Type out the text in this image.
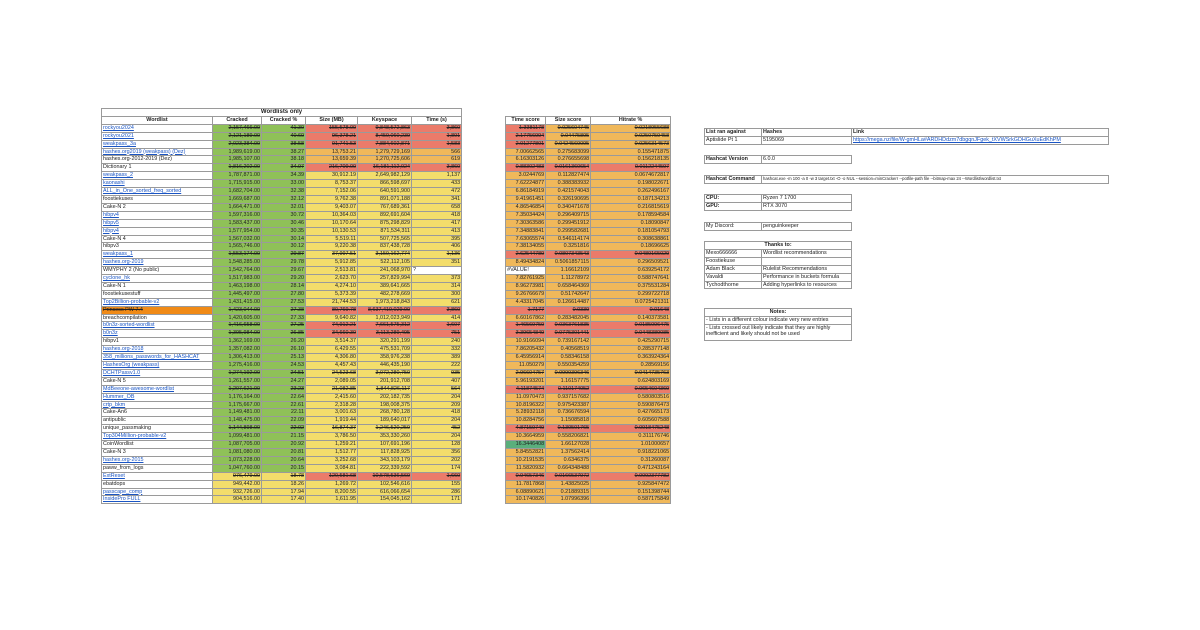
Wordlists only									
Wordlist	Cracked	Cracked %	Size (MB)	Keyspace	Time (s)		Time score	Size score	Hitrate %
rockyou2024	2,157,466.00	41.30	155,578.00	9,848,572,863	3,860		1.3381178	0.025604745	0.0218955688
rockyou2021	2,121,189.00	40.60	96,378.21	8,459,060,239	1,891		2.17756994	0.04475895	0.0250759458
weakpass_3a	2,023,384.00	38.58	91,741.53	7,884,602,871	1,583		2.01277801	0.0424569095	0.0256314573
hashes.org2019 (weakpass) (Dez)	1,989,619.00	38.27	13,753.21	1,279,729,169	566		7.00662565	0.275683099	0.155471875
hashes.org-2012-2019 (Dez)	1,985,107.00	38.18	13,659.39	1,270,725,606	619		6.16303126	0.276655698	0.156218135
Dictionary 1	1,816,202.00	34.97	216,709.00	16,181,112,024	3,860		0.88302483	0.0161360654	0.0112244597
weakpass_2	1,787,871.00	34.39	30,912.19	2,649,982,129	1,137		3.0244769	0.112827474	0.0674672817
kaonashi	1,715,915.00	33.00	8,753.37	866,598,697	433		7.62224877	0.388383932	0.198022671
ALL_in_One_sorted_freq_sorted	1,682,704.00	32.38	7,152.06	640,591,900	472		6.86184919	0.421574043	0.262496167
foostiekuses	1,669,687.00	32.12	9,762.38	891,071,188	341		9.41961451	0.326190695	0.187134213
Cake-N 2	1,664,471.00	32.01	9,403.07	767,689,361	658		4.86546854	0.340471678	0.216815619
hibpv4	1,597,316.00	30.72	10,364.03	892,691,604	418		7.35034424	0.296409715	0.178594584
hibpv5	1,583,437.00	30.46	10,170.64	875,298,829	417		7.30363586	0.299451912	0.18090847
hibpv4	1,577,954.00	30.35	10,130.53	871,534,311	413		7.34883841	0.299582681	0.181054793
Cake-N 4	1,567,032.00	30.14	5,519.11	507,725,565	395		7.63065574	0.546114174	0.308638861
hibpv3	1,565,746.00	30.12	9,220.38	837,438,728	406		7.38134055	0.3251816	0.18696625
weakpass_1	1,553,174.00	29.87	37,997.51	3,159,162,774	1,136		2.62544789	0.0807343543	0.0489165029
hashes.org-2019	1,548,285.00	29.78	5,912.85	522,112,105	351		8.49434824	0.5061857115	0.296509521
WMYPHY 2 (No public)	1,542,764.00	29.67	2,513.81	241,068,970	?		#VALUE!	1.16612109	0.639254172
cyclone_hk	1,517,983.00	29.20	2,623.70	257,829,994	373		7.82761925	1.11278972	0.588747641
Cake-N 1	1,463,198.00	28.14	4,274.10	389,641,665	314		8.96273981	0.658464369	0.375531284
foostiekusestuff	1,445,497.00	27.80	5,373.39	482,278,669	300		9.26766679	0.51742647	0.299722718
Top2Billion-probable-v2	1,431,415.00	27.53	21,744.53	1,973,218,843	621		4.43317045	0.126614487	0.0725421311
Princess PW 7.4	1,423,044.00	27.38	80,769.78	8,637,419,029.00	3,860		1.7177	0.0339	0.01648
breachcompilation	1,420,605.00	27.33	9,640.82	1,012,023,949	414		6.60167862	0.283482045	0.140373581
b0n3z-sorted-wordlist	1,416,658.00	27.25	74,912.21	7,661,575,312	1,607		1.46569759	0.0363761835	0.0185096475
b0n3z	1,395,984.00	26.85	34,660.30	3,113,289,495	751		3.39654849	0.0775301441	0.0448389085
hibpv1	1,362,169.00	26.20	3,514.37	320,291,199	240		10.9166094	0.739167142	0.425290715
hashes.org-2018	1,357,082.00	26.10	6,429.55	475,531,709	332		7.86205432	0.40568519	0.285377148
358_millions_passwords_for_HASHCAT	1,306,413.00	25.13	4,306.80	358,976,238	389		6.45956914	0.58346158	0.363924364
HashesOrg (weakpass)	1,275,416.00	24.53	4,457.43	446,435,190	222		11.050279	0.550354259	0.28569156
DCHTPassv1.0	1,274,192.00	24.51	24,523.68	3,072,280,750	935		2.96604757	0.0999396346	0.0414735763
Cake-N 5	1,261,557.00	24.27	2,089.05	201,912,708	407		5.96193201	1.16157775	0.624803169
MdBeeone-awesome-wordlist	1,207,621.00	23.23	21,082.85	1,844,826,117	564		4.11874574	0.110174052	0.0654604369
Hummer_OB	1,176,164.00	22.64	2,415.60	202,182,735	204		11.0970473	0.937157682	0.580803516
crtp_bkm	1,175,667.00	22.61	2,318.28	198,008,375	209		10.8196322	0.975423387	0.590876473
Cake-An6	1,149,481.00	22.11	3,001.63	268,780,128	418		5.28932118	0.736676594	0.427665173
antipublic	1,148,475.00	22.09	1,919.44	189,640,017	204		10.8284756	1.15085818	0.605607588
unique_passmaking	1,144,898.00	22.02	16,874.37	1,246,520,259	452		4.87159749	0.130501765	0.0918475248
Top304Million-probable-v2	1,099,481.00	21.15	3,786.50	353,330,260	204		10.3664959	0.558206821	0.311176746
CoinWordlist	1,087,705.00	20.92	1,259.21	107,691,196	128		16.3446408	1.66127028	1.01000657
Cake-N 3	1,081,080.00	20.81	1,512.77	117,828,925	356		5.84552821	1.37562414	0.918221065
hashes.org-2015	1,073,228.00	20.64	3,252.68	343,103,179	202		10.2191535	0.6346375	0.31260087
paww_from_logs	1,047,760.00	20.15	3,084.81	222,339,592	174		11.5820932	0.664348488	0.471243164
ExtReset	976,479.00	18.78	120,581.68	10,578,536,569	1,660		0.94657346	0.0166537972	0.0092377782
ebatdops	949,442.00	18.26	1,269.72	102,546,616	155		11.7817868	1.43825025	0.925847472
passcape_comp	932,726.00	17.94	8,200.55	616,066,654	286		6.08890621	0.21889315	0.151398744
InsidePro FULL	904,516.00	17.40	1,611.95	154,045,162	171		10.1740826	1.07996396	0.587175849
List ran against	Hashes	Link
Aptislide Pt 1	5195069	https://mega.nz/file/W-gmHLa#ARDHDdzm7dbgqnJFgek_tXVWSrkGDHGuXuEdKhPM
Hashcat Version	6.0.0
Hashcat Command	hashcat.exe -m 100 -a 0 -w 3 target.txt -O -o NUL --session=minCrackerr --potfile-path file --bitmap-max 24 --Wordlist\wordlist.txt
CPU:	Ryzen 7 1700
GPU:	RTX 3070
My Discord:	penguinkeeper
Thanks to:	
Mexo666666	Wordlist recommendations
Foostiekuse	
Adam Black	Rulelist Recommendations
Vavaldi	Performance in buckets formula
Tychodthorne	Adding hyperlinks to resources
Notes:
- Lists in a different colour indicate very new entries
- Lists crossed out likely indicate that they are highly inefficient and likely should not be used
